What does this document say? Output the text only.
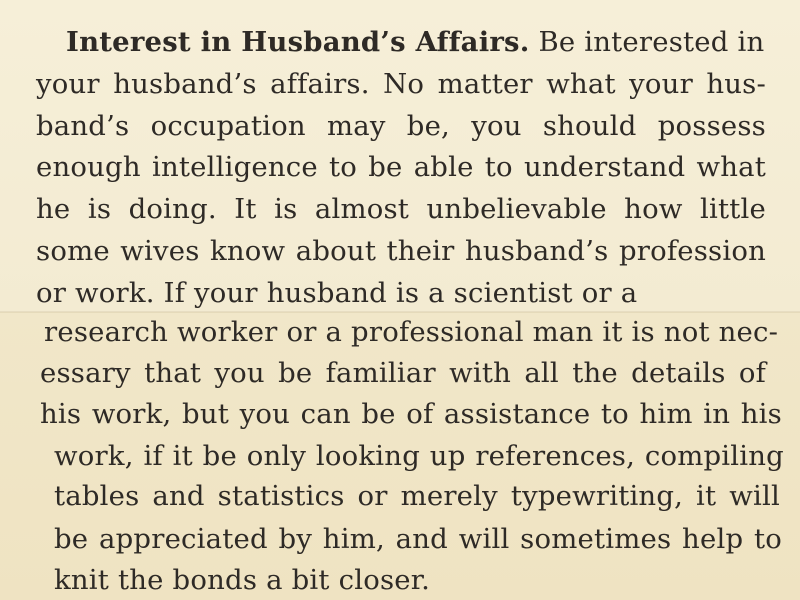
Interest in Husband’s Affairs. Be interested in
your husband’s affairs. No matter what your hus-
band’s occupation may be, you should possess
enough intelligence to be able to understand what
he is doing. It is almost unbelievable how little
some wives know about their husband’s profession
or work. If your husband is a scientist or a
research worker or a professional man it is not nec-
essary that you be familiar with all the details of
his work, but you can be of assistance to him in his
work, if it be only looking up references, compiling
tables and statistics or merely typewriting, it will
be appreciated by him, and will sometimes help to
knit the bonds a bit closer.
